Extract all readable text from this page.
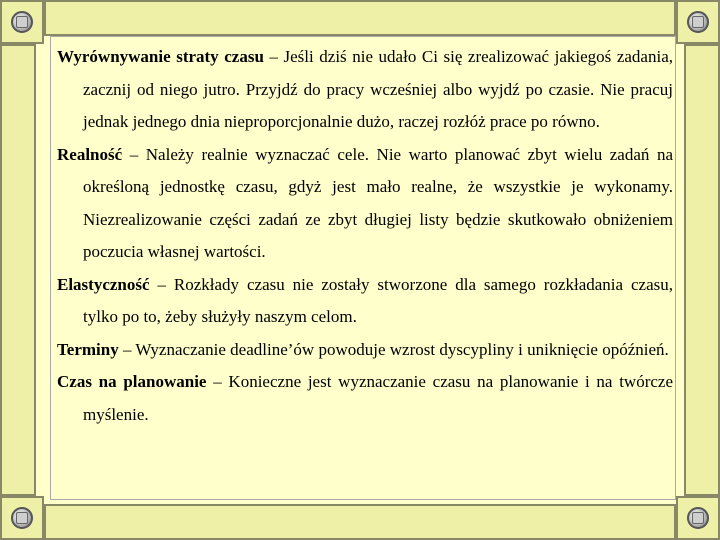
Wyrównywanie straty czasu – Jeśli dziś nie udało Ci się zrealizować jakiegoś zadania, zacznij od niego jutro. Przyjdź do pracy wcześniej albo wyjdź po czasie. Nie pracuj jednak jednego dnia nieproporcjonalnie dużo, raczej rozłóż prace po równo.

Realność – Należy realnie wyznaczać cele. Nie warto planować zbyt wielu zadań na określoną jednostkę czasu, gdyż jest mało realne, że wszystkie je wykonamy. Niezrealizowanie części zadań ze zbyt długiej listy będzie skutkowało obniżeniem poczucia własnej wartości.

Elastyczność – Rozkłady czasu nie zostały stworzone dla samego rozkładania czasu, tylko po to, żeby służyły naszym celom.

Terminy – Wyznaczanie deadline’ów powoduje wzrost dyscypliny i uniknięcie opóźnień.

Czas na planowanie – Konieczne jest wyznaczanie czasu na planowanie i na twórcze myślenie.
